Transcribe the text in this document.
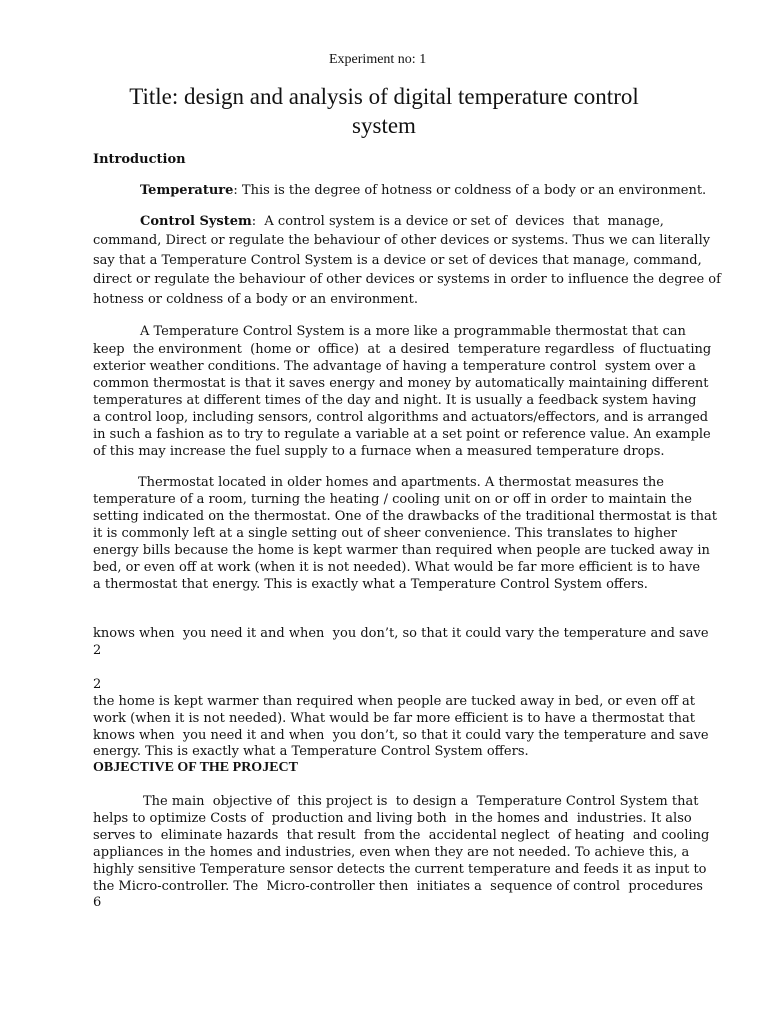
Experiment no: 1
Title: design and analysis of digital temperature control
system
Introduction
Temperature: This is the degree of hotness or coldness of a body or an environment.
Control System:  A control system is a device or set of  devices  that  manage,
command, Direct or regulate the behaviour of other devices or systems. Thus we can literally
say that a Temperature Control System is a device or set of devices that manage, command,
direct or regulate the behaviour of other devices or systems in order to influence the degree of
hotness or coldness of a body or an environment.
A Temperature Control System is a more like a programmable thermostat that can
keep  the environment  (home or  office)  at  a desired  temperature regardless  of fluctuating
exterior weather conditions. The advantage of having a temperature control  system over a
common thermostat is that it saves energy and money by automatically maintaining different
temperatures at different times of the day and night. It is usually a feedback system having
a control loop, including sensors, control algorithms and actuators/effectors, and is arranged
in such a fashion as to try to regulate a variable at a set point or reference value. An example
of this may increase the fuel supply to a furnace when a measured temperature drops.
Thermostat located in older homes and apartments. A thermostat measures the
temperature of a room, turning the heating / cooling unit on or off in order to maintain the
setting indicated on the thermostat. One of the drawbacks of the traditional thermostat is that
it is commonly left at a single setting out of sheer convenience. This translates to higher
energy bills because the home is kept warmer than required when people are tucked away in
bed, or even off at work (when it is not needed). What would be far more efficient is to have
a thermostat that energy. This is exactly what a Temperature Control System offers.
knows when  you need it and when  you don’t, so that it could vary the temperature and save
2
2
the home is kept warmer than required when people are tucked away in bed, or even off at
work (when it is not needed). What would be far more efficient is to have a thermostat that
knows when  you need it and when  you don’t, so that it could vary the temperature and save
energy. This is exactly what a Temperature Control System offers.
OBJECTIVE OF THE PROJECT
The main  objective of  this project is  to design a  Temperature Control System that
helps to optimize Costs of  production and living both  in the homes and  industries. It also
serves to  eliminate hazards  that result  from the  accidental neglect  of heating  and cooling
appliances in the homes and industries, even when they are not needed. To achieve this, a
highly sensitive Temperature sensor detects the current temperature and feeds it as input to
the Micro-controller. The  Micro-controller then  initiates a  sequence of control  procedures
6
